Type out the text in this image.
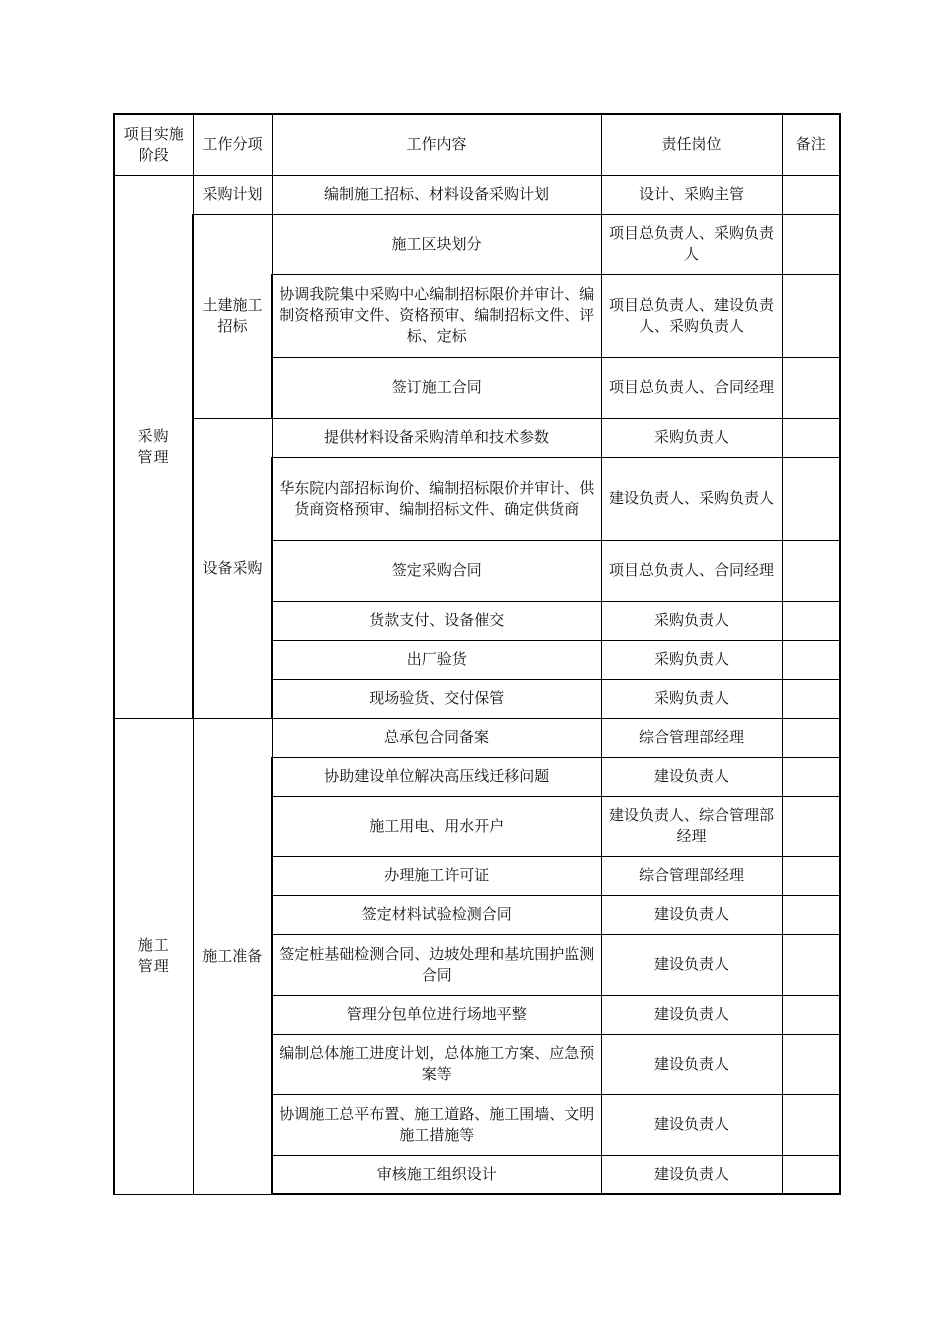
项目实施阶段	工作分项	工作内容	责任岗位	备注
采购管理	采购计划	编制施工招标、材料设备采购计划	设计、采购主管	
	土建施工招标	施工区块划分	项目总负责人、采购负责人	
		协调我院集中采购中心编制招标限价并审计、编制资格预审文件、资格预审、编制招标文件、评标、定标	项目总负责人、建设负责人、采购负责人	
		签订施工合同	项目总负责人、合同经理	
	设备采购	提供材料设备采购清单和技术参数	采购负责人	
		华东院内部招标询价、编制招标限价并审计、供货商资格预审、编制招标文件、确定供货商	建设负责人、采购负责人	
		签定采购合同	项目总负责人、合同经理	
		货款支付、设备催交	采购负责人	
		出厂验货	采购负责人	
		现场验货、交付保管	采购负责人	
施工管理	施工准备	总承包合同备案	综合管理部经理	
		协助建设单位解决高压线迁移问题	建设负责人	
		施工用电、用水开户	建设负责人、综合管理部经理	
		办理施工许可证	综合管理部经理	
		签定材料试验检测合同	建设负责人	
		签定桩基础检测合同、边坡处理和基坑围护监测合同	建设负责人	
		管理分包单位进行场地平整	建设负责人	
		编制总体施工进度计划，总体施工方案、应急预案等	建设负责人	
		协调施工总平布置、施工道路、施工围墙、文明施工措施等	建设负责人	
		审核施工组织设计	建设负责人	
